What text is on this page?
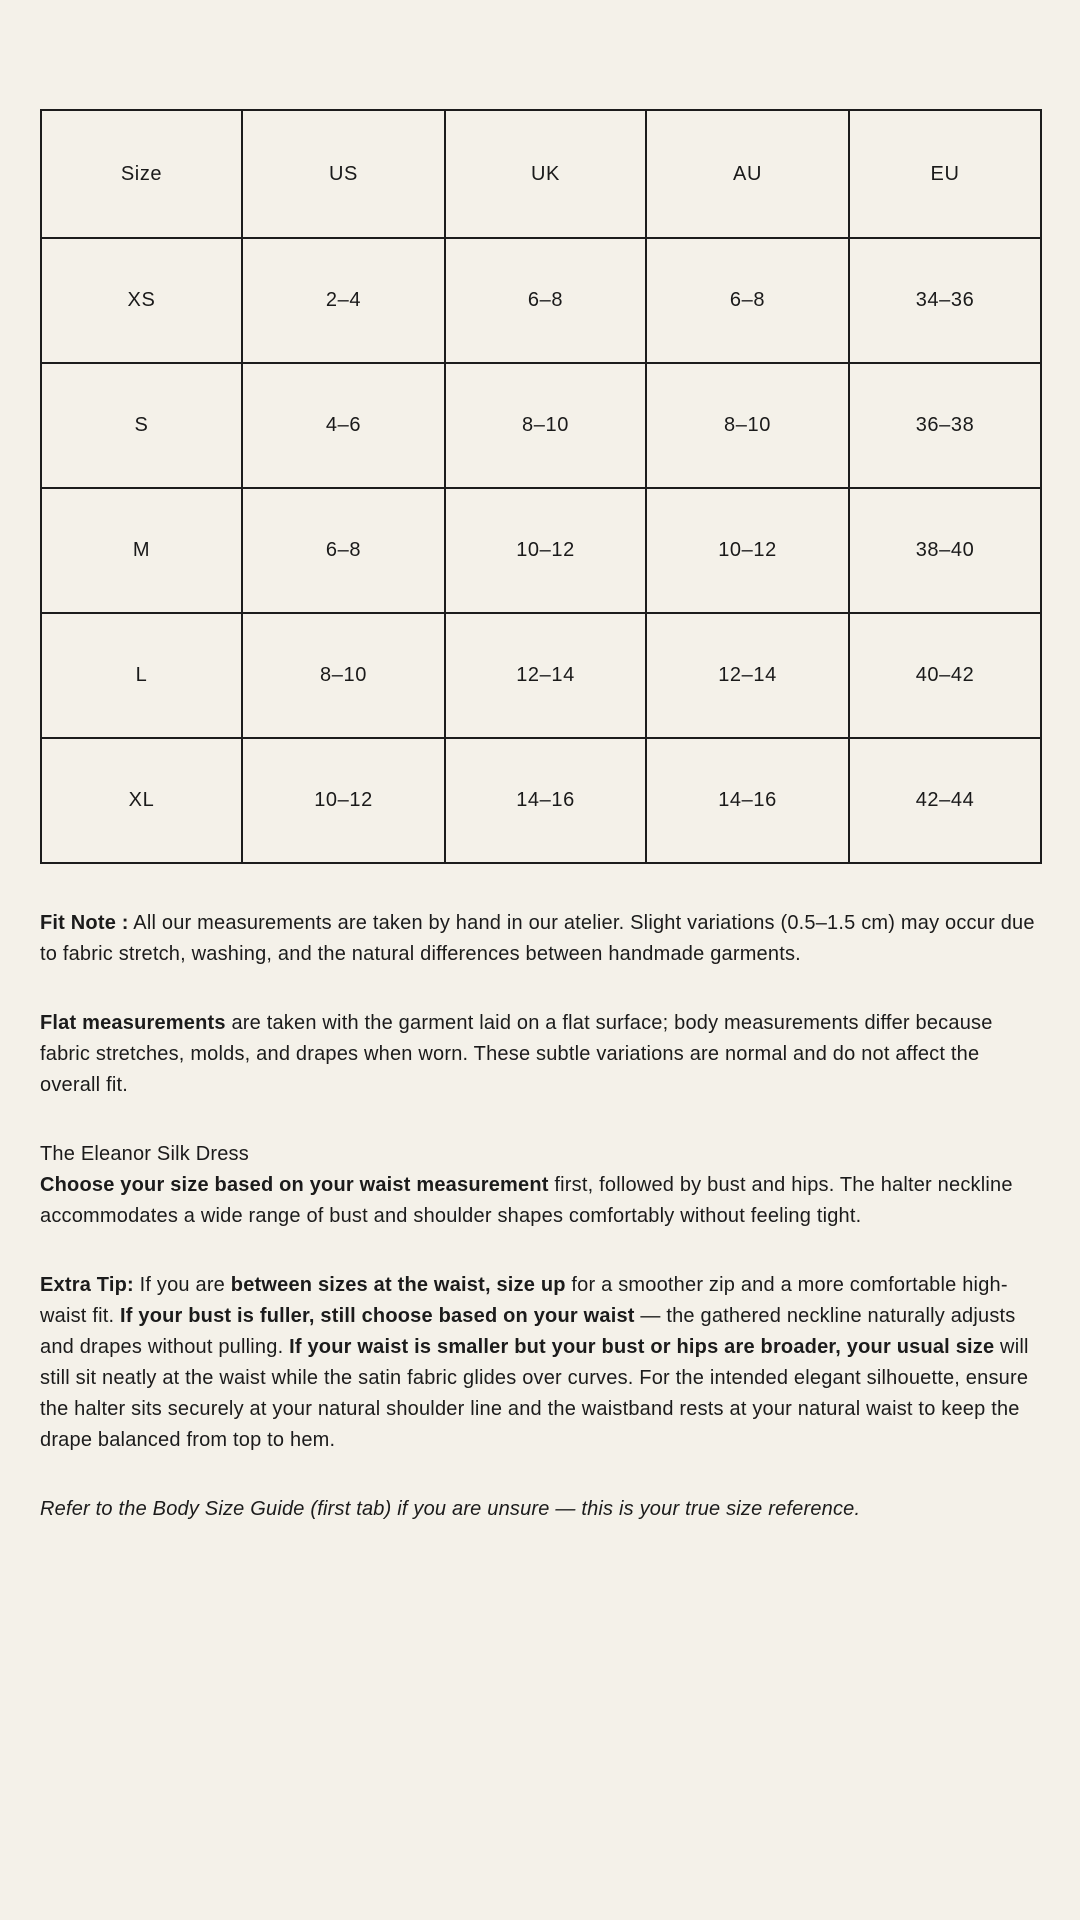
Size	US	UK	AU	EU
XS	2–4	6–8	6–8	34–36
S	4–6	8–10	8–10	36–38
M	6–8	10–12	10–12	38–40
L	8–10	12–14	12–14	40–42
XL	10–12	14–16	14–16	42–44

Fit Note : All our measurements are taken by hand in our atelier. Slight variations (0.5–1.5 cm) may occur due to fabric stretch, washing, and the natural differences between handmade garments.

Flat measurements are taken with the garment laid on a flat surface; body measurements differ because fabric stretches, molds, and drapes when worn. These subtle variations are normal and do not affect the overall fit.

The Eleanor Silk Dress
Choose your size based on your waist measurement first, followed by bust and hips. The halter neckline accommodates a wide range of bust and shoulder shapes comfortably without feeling tight.

Extra Tip: If you are between sizes at the waist, size up for a smoother zip and a more comfortable high-waist fit. If your bust is fuller, still choose based on your waist — the gathered neckline naturally adjusts and drapes without pulling. If your waist is smaller but your bust or hips are broader, your usual size will still sit neatly at the waist while the satin fabric glides over curves. For the intended elegant silhouette, ensure the halter sits securely at your natural shoulder line and the waistband rests at your natural waist to keep the drape balanced from top to hem.

Refer to the Body Size Guide (first tab) if you are unsure — this is your true size reference.
